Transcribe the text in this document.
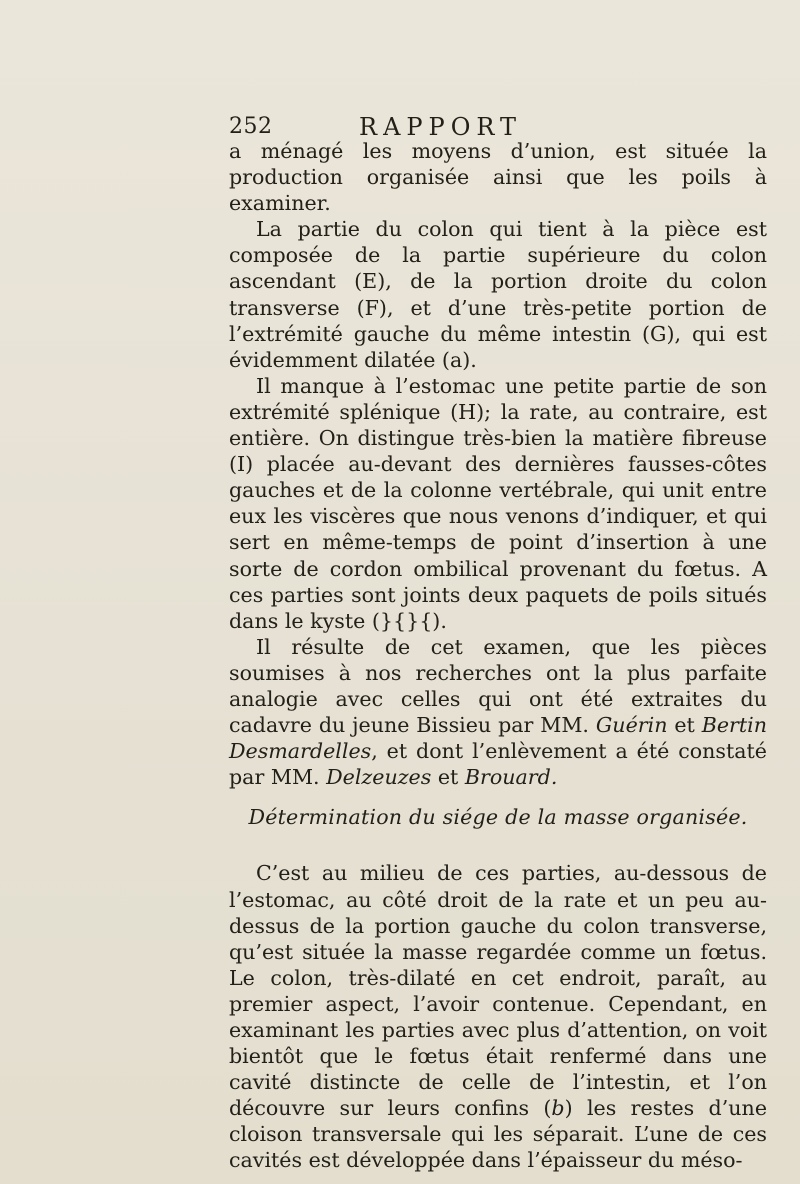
252	RAPPORT

a ménagé les moyens d’union, est située la production organisée ainsi que les poils à examiner.

La partie du colon qui tient à la pièce est composée de la partie supérieure du colon ascendant (E), de la portion droite du colon transverse (F), et d’une très-petite portion de l’extrémité gauche du même intestin (G), qui est évidemment dilatée (a).

Il manque à l’estomac une petite partie de son extrémité splénique (H); la rate, au contraire, est entière. On distingue très-bien la matière fibreuse (I) placée au-devant des dernières fausses-côtes gauches et de la colonne vertébrale, qui unit entre eux les viscères que nous venons d’indiquer, et qui sert en même-temps de point d’insertion à une sorte de cordon ombilical provenant du fœtus. A ces parties sont joints deux paquets de poils situés dans le kyste (}{}{).

Il résulte de cet examen, que les pièces soumises à nos recherches ont la plus parfaite analogie avec celles qui ont été extraites du cadavre du jeune Bissieu par MM. Guérin et Bertin Desmardelles, et dont l’enlèvement a été constaté par MM. Delzeuzes et Brouard.

Détermination du siége de la masse organisée.

C’est au milieu de ces parties, au-dessous de l’estomac, au côté droit de la rate et un peu au-dessus de la portion gauche du colon transverse, qu’est située la masse regardée comme un fœtus. Le colon, très-dilaté en cet endroit, paraît, au premier aspect, l’avoir contenue. Cependant, en examinant les parties avec plus d’attention, on voit bientôt que le fœtus était renfermé dans une cavité distincte de celle de l’intestin, et l’on découvre sur leurs confins (b) les restes d’une cloison transversale qui les séparait. L’une de ces cavités est développée dans l’épaisseur du méso-
